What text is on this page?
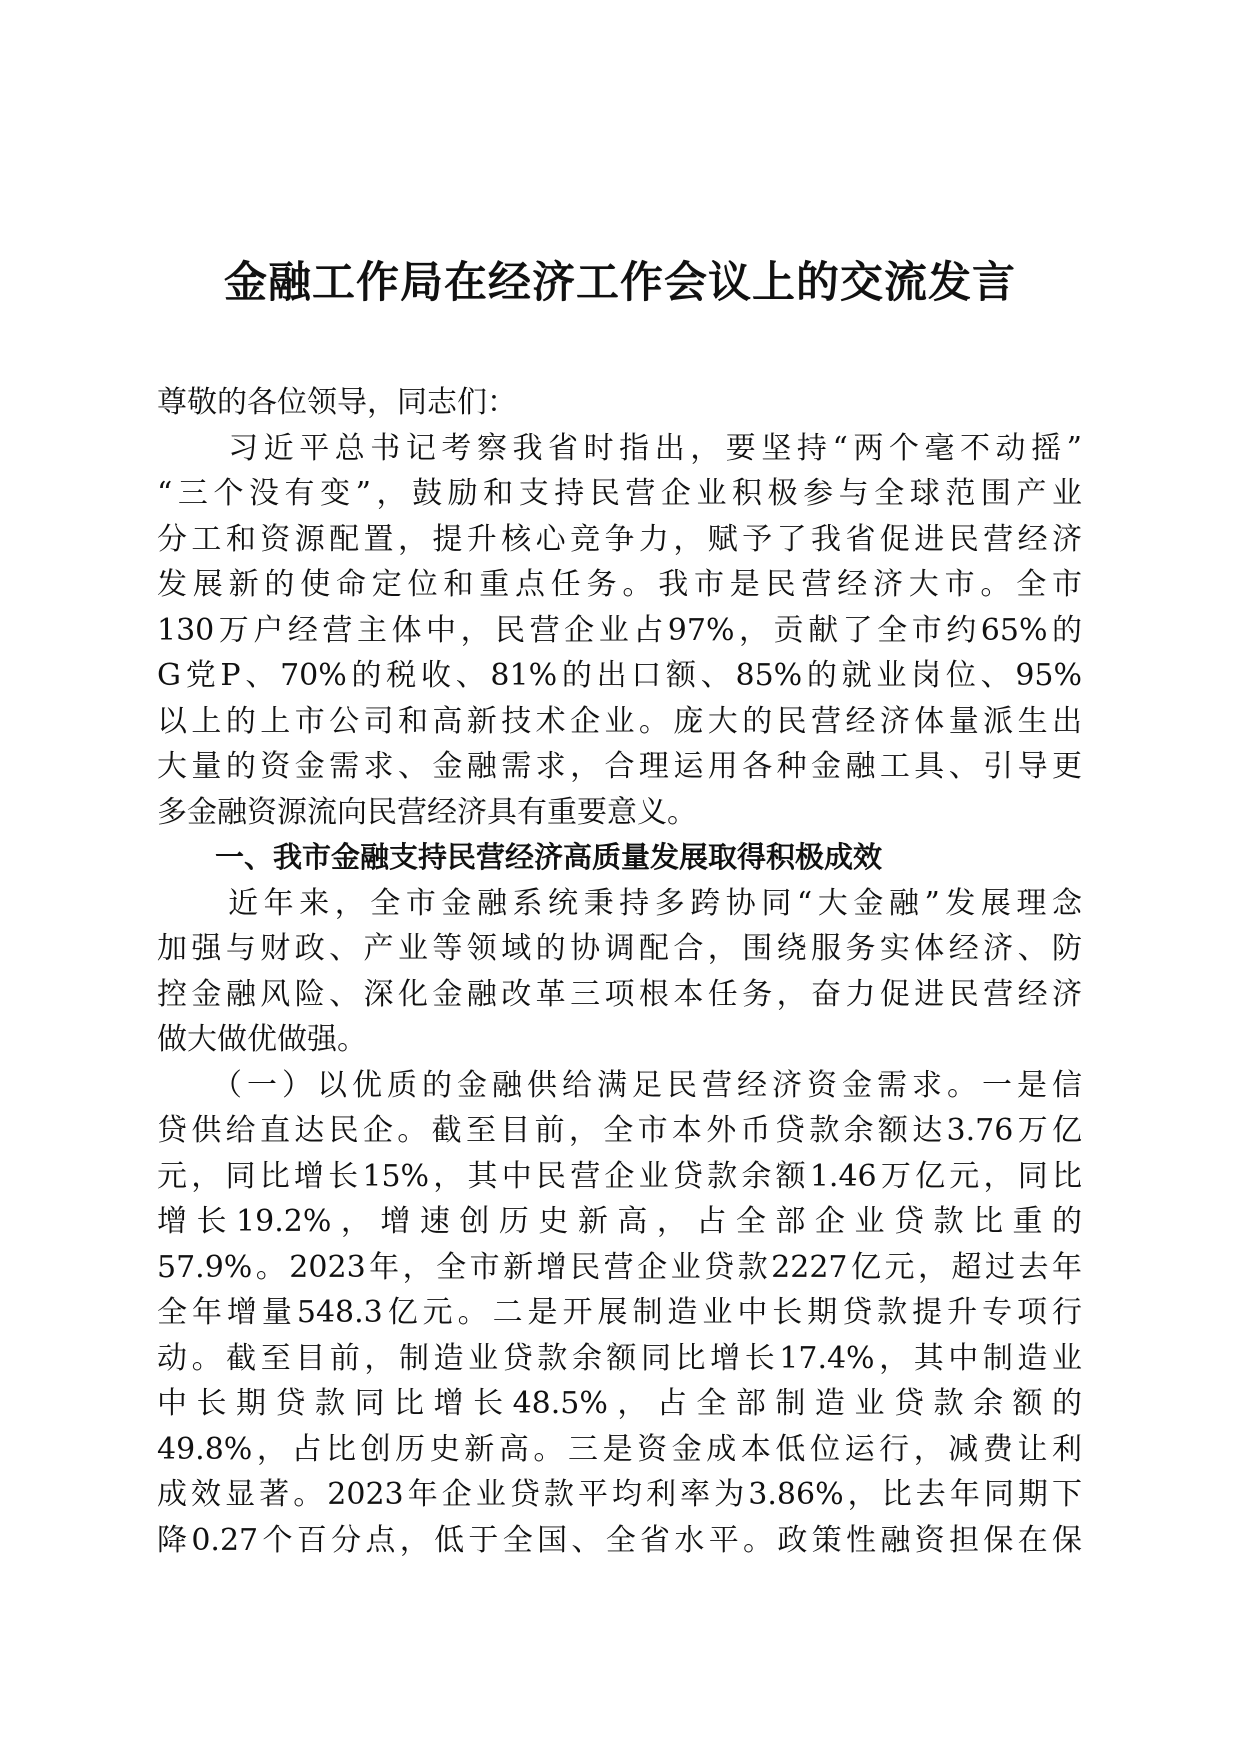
金融工作局在经济工作会议上的交流发言
尊敬的各位领导，同志们：
　　习近平总书记考察我省时指出，要坚持“两个毫不动摇”
“三个没有变”，鼓励和支持民营企业积极参与全球范围产业
分工和资源配置，提升核心竞争力，赋予了我省促进民营经济
发展新的使命定位和重点任务。我市是民营经济大市。全市
130万户经营主体中，民营企业占97%，贡献了全市约65%的
G党P、70%的税收、81%的出口额、85%的就业岗位、95%
以上的上市公司和高新技术企业。庞大的民营经济体量派生出
大量的资金需求、金融需求，合理运用各种金融工具、引导更
多金融资源流向民营经济具有重要意义。
　　一、我市金融支持民营经济高质量发展取得积极成效
　　近年来，全市金融系统秉持多跨协同“大金融”发展理念
加强与财政、产业等领域的协调配合，围绕服务实体经济、防
控金融风险、深化金融改革三项根本任务，奋力促进民营经济
做大做优做强。
　　（一）以优质的金融供给满足民营经济资金需求。一是信
贷供给直达民企。截至目前，全市本外币贷款余额达3.76万亿
元，同比增长15%，其中民营企业贷款余额1.46万亿元，同比
增长19.2%，增速创历史新高，占全部企业贷款比重的
57.9%。2023年，全市新增民营企业贷款2227亿元，超过去年
全年增量548.3亿元。二是开展制造业中长期贷款提升专项行
动。截至目前，制造业贷款余额同比增长17.4%，其中制造业
中长期贷款同比增长48.5%，占全部制造业贷款余额的
49.8%，占比创历史新高。三是资金成本低位运行，减费让利
成效显著。2023年企业贷款平均利率为3.86%，比去年同期下
降0.27个百分点，低于全国、全省水平。政策性融资担保在保
